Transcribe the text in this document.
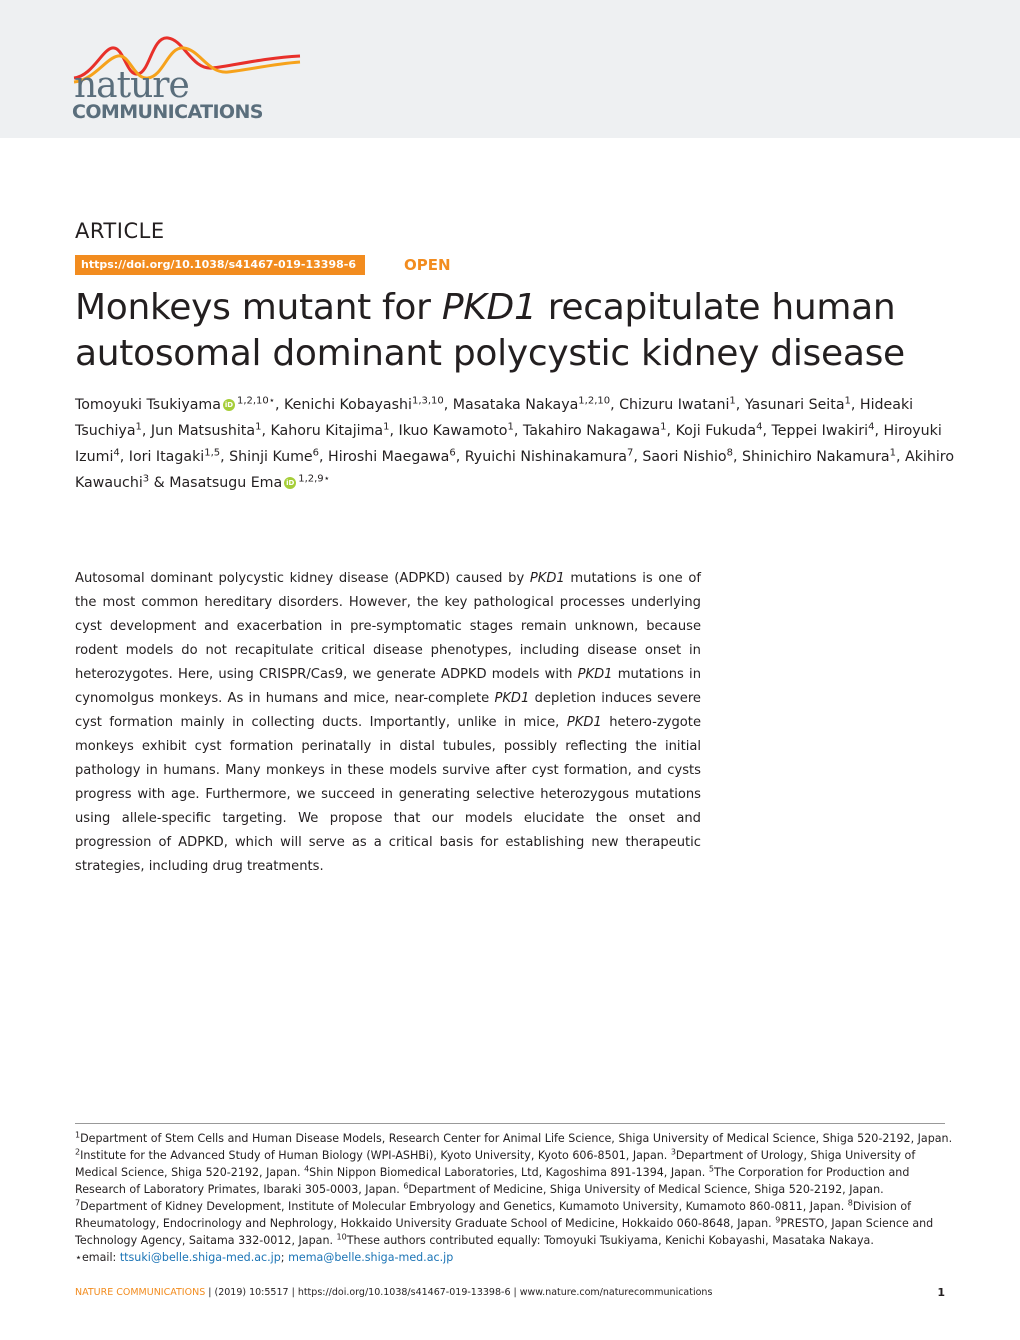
nature
COMMUNICATIONS
ARTICLE
https://doi.org/10.1038/s41467-019-13398-6	OPEN
Monkeys mutant for PKD1 recapitulate human autosomal dominant polycystic kidney disease
Tomoyuki Tsukiyama iD $^{1,2,10⋆}$, Kenichi Kobayashi$^{1,3,10}$, Masataka Nakaya$^{1,2,10}$, Chizuru Iwatani$^1$, Yasunari Seita$^1$, Hideaki Tsuchiya$^1$, Jun Matsushita$^1$, Kahoru Kitajima$^1$, Ikuo Kawamoto$^1$, Takahiro Nakagawa$^1$, Koji Fukuda$^4$, Teppei Iwakiri$^4$, Hiroyuki Izumi$^4$, Iori Itagaki$^{1,5}$, Shinji Kume$^6$, Hiroshi Maegawa$^6$, Ryuichi Nishinakamura$^7$, Saori Nishio$^8$, Shinichiro Nakamura$^1$, Akihiro Kawauchi$^3$ & Masatsugu Ema iD $^{1,2,9⋆}$
Autosomal dominant polycystic kidney disease (ADPKD) caused by PKD1 mutations is one of the most common hereditary disorders. However, the key pathological processes underlying cyst development and exacerbation in pre-symptomatic stages remain unknown, because rodent models do not recapitulate critical disease phenotypes, including disease onset in heterozygotes. Here, using CRISPR/Cas9, we generate ADPKD models with PKD1 mutations in cynomolgus monkeys. As in humans and mice, near-complete PKD1 depletion induces severe cyst formation mainly in collecting ducts. Importantly, unlike in mice, PKD1 hetero-zygote monkeys exhibit cyst formation perinatally in distal tubules, possibly reflecting the initial pathology in humans. Many monkeys in these models survive after cyst formation, and cysts progress with age. Furthermore, we succeed in generating selective heterozygous mutations using allele-specific targeting. We propose that our models elucidate the onset and progression of ADPKD, which will serve as a critical basis for establishing new therapeutic strategies, including drug treatments.
$^1$Department of Stem Cells and Human Disease Models, Research Center for Animal Life Science, Shiga University of Medical Science, Shiga 520-2192, Japan. $^2$Institute for the Advanced Study of Human Biology (WPI-ASHBi), Kyoto University, Kyoto 606-8501, Japan. $^3$Department of Urology, Shiga University of Medical Science, Shiga 520-2192, Japan. $^4$Shin Nippon Biomedical Laboratories, Ltd, Kagoshima 891-1394, Japan. $^5$The Corporation for Production and Research of Laboratory Primates, Ibaraki 305-0003, Japan. $^6$Department of Medicine, Shiga University of Medical Science, Shiga 520-2192, Japan. $^7$Department of Kidney Development, Institute of Molecular Embryology and Genetics, Kumamoto University, Kumamoto 860-0811, Japan. $^8$Division of Rheumatology, Endocrinology and Nephrology, Hokkaido University Graduate School of Medicine, Hokkaido 060-8648, Japan. $^9$PRESTO, Japan Science and Technology Agency, Saitama 332-0012, Japan. $^{10}$These authors contributed equally: Tomoyuki Tsukiyama, Kenichi Kobayashi, Masataka Nakaya.
⋆email: ttsuki@belle.shiga-med.ac.jp; mema@belle.shiga-med.ac.jp
NATURE COMMUNICATIONS | (2019) 10:5517 | https://doi.org/10.1038/s41467-019-13398-6 | www.nature.com/naturecommunications	1
